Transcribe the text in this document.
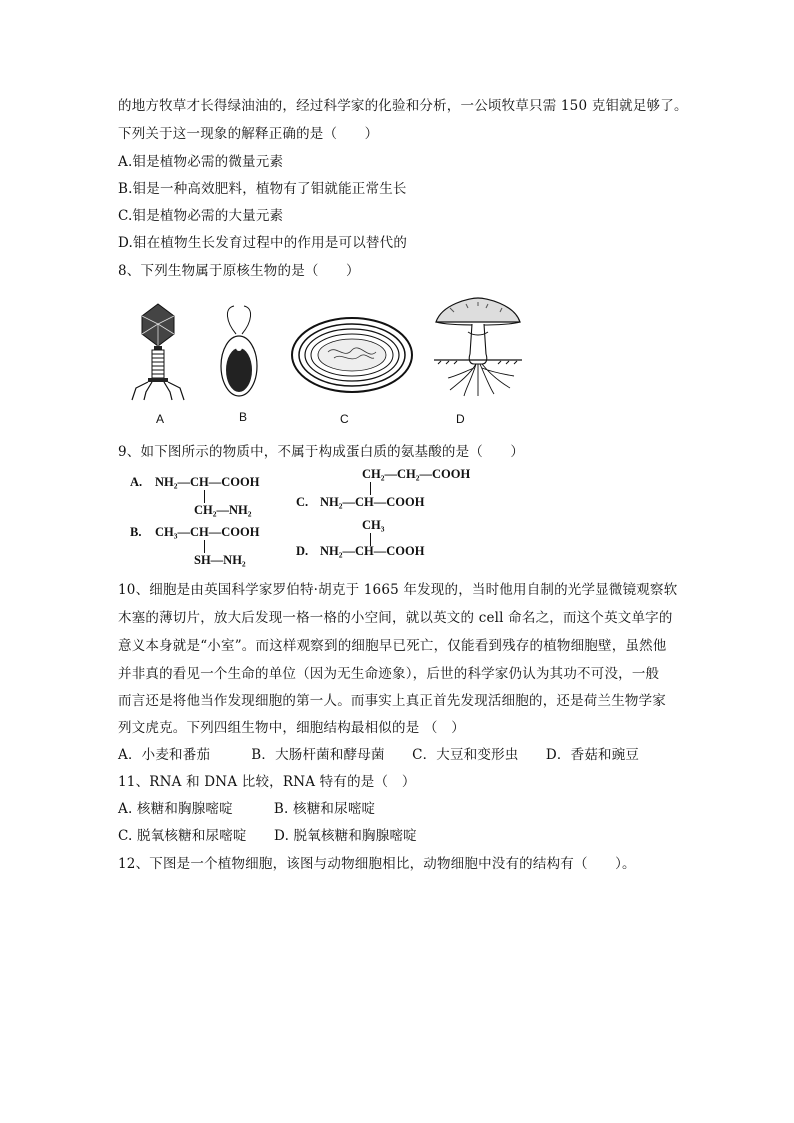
的地方牧草才长得绿油油的，经过科学家的化验和分析，一公顷牧草只需 150 克钼就足够了。
下列关于这一现象的解释正确的是（　　）
A.钼是植物必需的微量元素
B.钼是一种高效肥料，植物有了钼就能正常生长
C.钼是植物必需的大量元素
D.钼在植物生长发育过程中的作用是可以替代的
8、下列生物属于原核生物的是（　　）
A	B	C	D
9、如下图所示的物质中，不属于构成蛋白质的氨基酸的是（　　）
A. NH₂—CH—COOH
CH₂—NH₂
B. CH₃—CH—COOH
SH—NH₂
CH₂—CH₂—COOH
C. NH₂—CH—COOH
CH₃
D. NH₂—CH—COOH
10、细胞是由英国科学家罗伯特·胡克于 1665 年发现的，当时他用自制的光学显微镜观察软
木塞的薄切片，放大后发现一格一格的小空间，就以英文的 cell 命名之，而这个英文单字的
意义本身就是“小室”。而这样观察到的细胞早已死亡，仅能看到残存的植物细胞壁，虽然他
并非真的看见一个生命的单位（因为无生命迹象），后世的科学家仍认为其功不可没，一般
而言还是将他当作发现细胞的第一人。而事实上真正首先发现活细胞的，还是荷兰生物学家
列文虎克。下列四组生物中，细胞结构最相似的是 （　）
A．小麦和番茄　　　B．大肠杆菌和酵母菌　　C．大豆和变形虫　　D．香菇和豌豆
11、RNA 和 DNA 比较，RNA 特有的是（　）
A. 核糖和胸腺嘧啶　　　B. 核糖和尿嘧啶
C. 脱氧核糖和尿嘧啶　　D. 脱氧核糖和胸腺嘧啶
12、下图是一个植物细胞，该图与动物细胞相比，动物细胞中没有的结构有（　　）。
